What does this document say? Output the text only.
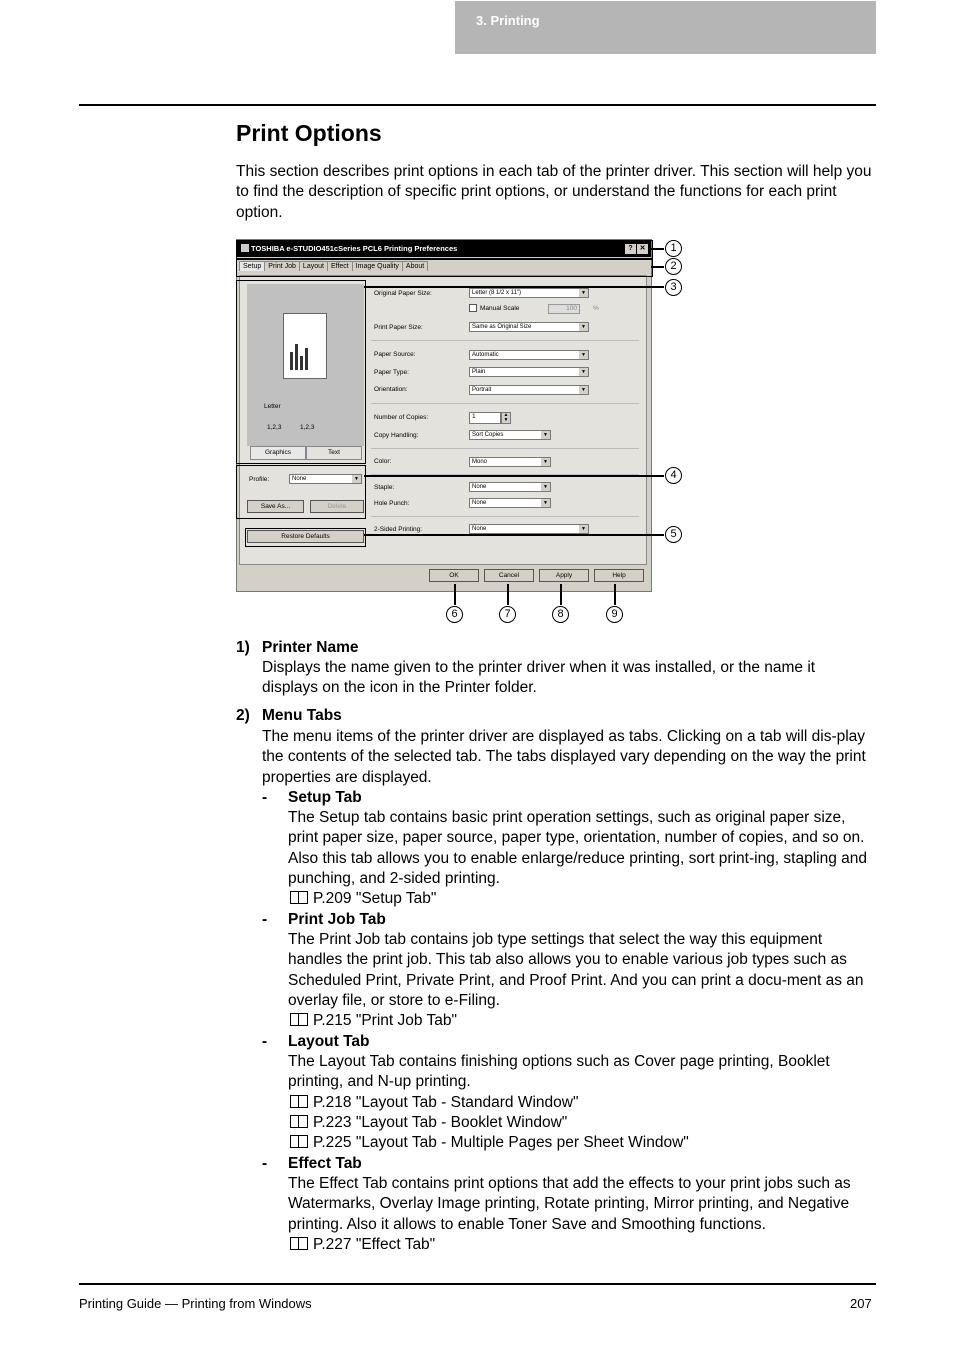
3. Printing
Print Options
This section describes print options in each tab of the printer driver. This section will help you to find the description of specific print options, or understand the functions for each print option.
TOSHIBA e-STUDIO451cSeries PCL6 Printing Preferences	? ✕
Setup Print Job Layout Effect Image Quality About
Letter
1,2,3	1,2,3
Graphics	Text
Profile:	None ▼
Save As...	Delete
Restore Defaults
Original Paper Size:	Letter (8 1/2 x 11") ▼
Manual Scale	100	%
Print Paper Size:	Same as Original Size ▼
Paper Source:	Automatic ▼
Paper Type:	Plain ▼
Orientation:	Portrait ▼
Number of Copies:	1	▲
▼
Copy Handling:	Sort Copies ▼
Color:	Mono ▼
Staple:	None ▼
Hole Punch:	None ▼
2-Sided Printing:	None ▼
OK	Cancel	Apply	Help
1
2
3
4
5
6	7	8	9
1) Printer Name
Displays the name given to the printer driver when it was installed, or the name it displays on the icon in the Printer folder.
2) Menu Tabs
The menu items of the printer driver are displayed as tabs. Clicking on a tab will dis-play the contents of the selected tab. The tabs displayed vary depending on the way the print properties are displayed.
- Setup Tab
The Setup tab contains basic print operation settings, such as original paper size, print paper size, paper source, paper type, orientation, number of copies, and so on. Also this tab allows you to enable enlarge/reduce printing, sort print-ing, stapling and punching, and 2-sided printing.
P.209 "Setup Tab"
- Print Job Tab
The Print Job tab contains job type settings that select the way this equipment handles the print job. This tab also allows you to enable various job types such as Scheduled Print, Private Print, and Proof Print. And you can print a docu-ment as an overlay file, or store to e-Filing.
P.215 "Print Job Tab"
- Layout Tab
The Layout Tab contains finishing options such as Cover page printing, Booklet printing, and N-up printing.
P.218 "Layout Tab - Standard Window"
P.223 "Layout Tab - Booklet Window"
P.225 "Layout Tab - Multiple Pages per Sheet Window"
- Effect Tab
The Effect Tab contains print options that add the effects to your print jobs such as Watermarks, Overlay Image printing, Rotate printing, Mirror printing, and Negative printing. Also it allows to enable Toner Save and Smoothing functions.
P.227 "Effect Tab"
Printing Guide — Printing from Windows	207
